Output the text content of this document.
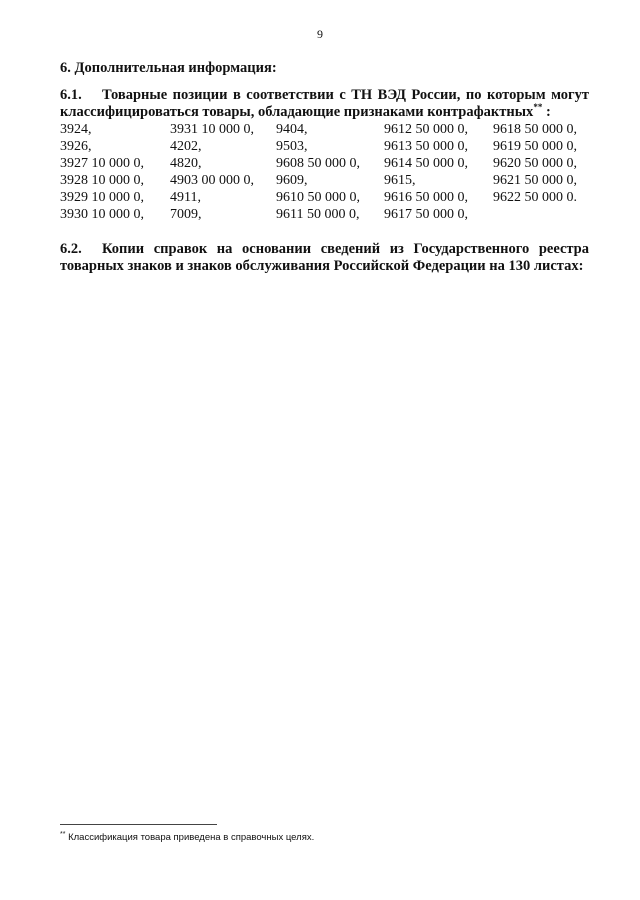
9
6. Дополнительная информация:
6.1. Товарные позиции в соответствии с ТН ВЭД России, по которым могут
классифицироваться товары, обладающие признаками контрафактных** :
3924,
3926,
3927 10 000 0,
3928 10 000 0,
3929 10 000 0,
3930 10 000 0,
3931 10 000 0,
4202,
4820,
4903 00 000 0,
4911,
7009,
9404,
9503,
9608 50 000 0,
9609,
9610 50 000 0,
9611 50 000 0,
9612 50 000 0,
9613 50 000 0,
9614 50 000 0,
9615,
9616 50 000 0,
9617 50 000 0,
9618 50 000 0,
9619 50 000 0,
9620 50 000 0,
9621 50 000 0,
9622 50 000 0.
6.2. Копии справок на основании сведений из Государственного реестра
товарных знаков и знаков обслуживания Российской Федерации на 130 листах:
** Классификация товара приведена в справочных целях.
